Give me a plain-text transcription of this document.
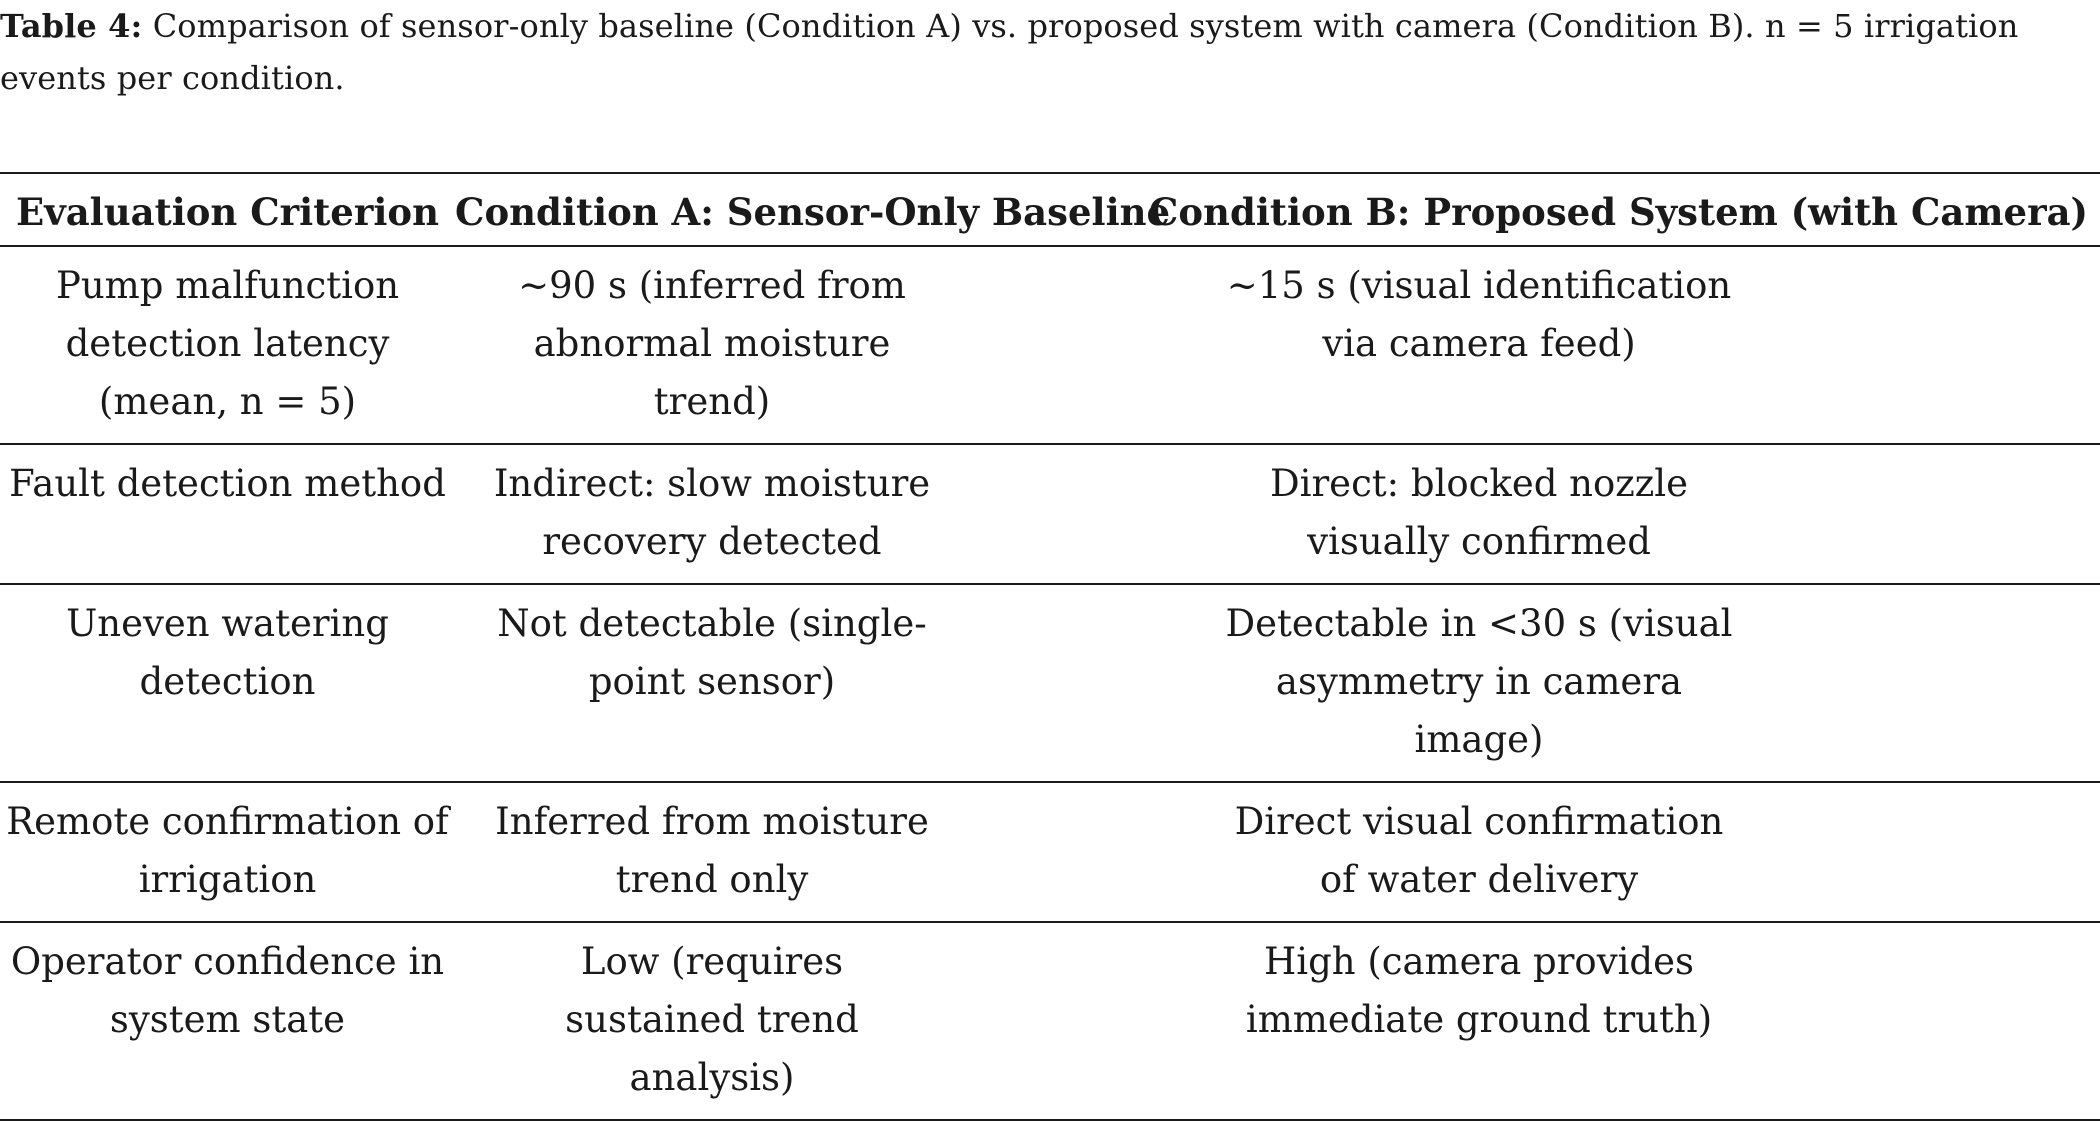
Table 4: Comparison of sensor-only baseline (Condition A) vs. proposed system with camera (Condition B). n = 5 irrigation events per condition.
Evaluation Criterion	Condition A: Sensor-Only Baseline	Condition B: Proposed System (with Camera)
Pump malfunction detection latency (mean, n = 5)	~90 s (inferred from abnormal moisture trend)	~15 s (visual identification via camera feed)
Fault detection method	Indirect: slow moisture recovery detected	Direct: blocked nozzle visually confirmed
Uneven watering detection	Not detectable (single-point sensor)	Detectable in <30 s (visual asymmetry in camera image)
Remote confirmation of irrigation	Inferred from moisture trend only	Direct visual confirmation of water delivery
Operator confidence in system state	Low (requires sustained trend analysis)	High (camera provides immediate ground truth)
